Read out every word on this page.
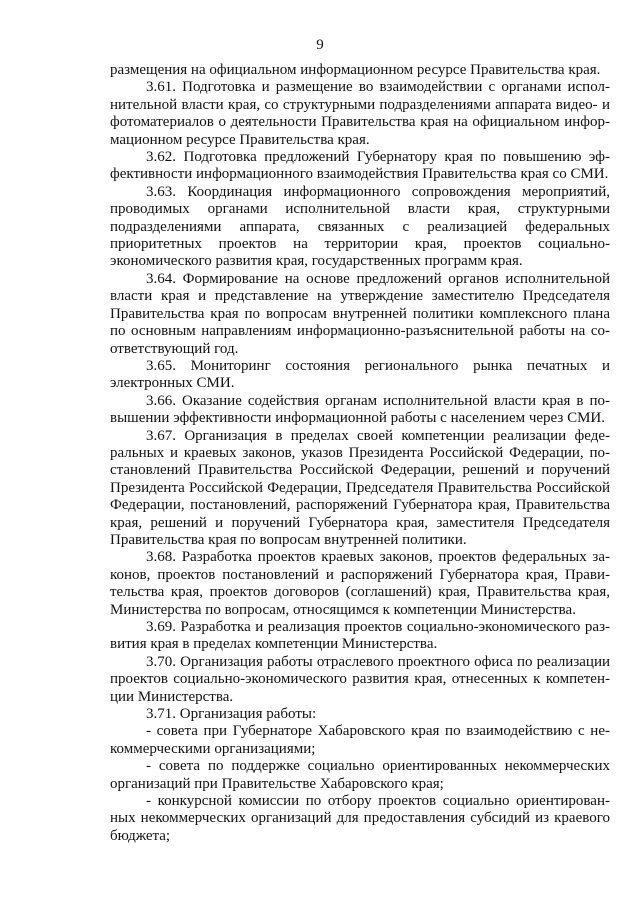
9

размещения на официальном информационном ресурсе Правительства края.

3.61. Подготовка и размещение во взаимодействии с органами исполнительной власти края, со структурными подразделениями аппарата видео- и фотоматериалов о деятельности Правительства края на официальном информационном ресурсе Правительства края.

3.62. Подготовка предложений Губернатору края по повышению эффективности информационного взаимодействия Правительства края со СМИ.

3.63. Координация информационного сопровождения мероприятий, проводимых органами исполнительной власти края, структурными подразделениями аппарата, связанных с реализацией федеральных приоритетных проектов на территории края, проектов социально-экономического развития края, государственных программ края.

3.64. Формирование на основе предложений органов исполнительной власти края и представление на утверждение заместителю Председателя Правительства края по вопросам внутренней политики комплексного плана по основным направлениям информационно-разъяснительной работы на соответствующий год.

3.65. Мониторинг состояния регионального рынка печатных и электронных СМИ.

3.66. Оказание содействия органам исполнительной власти края в повышении эффективности информационной работы с населением через СМИ.

3.67. Организация в пределах своей компетенции реализации федеральных и краевых законов, указов Президента Российской Федерации, постановлений Правительства Российской Федерации, решений и поручений Президента Российской Федерации, Председателя Правительства Российской Федерации, постановлений, распоряжений Губернатора края, Правительства края, решений и поручений Губернатора края, заместителя Председателя Правительства края по вопросам внутренней политики.

3.68. Разработка проектов краевых законов, проектов федеральных законов, проектов постановлений и распоряжений Губернатора края, Правительства края, проектов договоров (соглашений) края, Правительства края, Министерства по вопросам, относящимся к компетенции Министерства.

3.69. Разработка и реализация проектов социально-экономического развития края в пределах компетенции Министерства.

3.70. Организация работы отраслевого проектного офиса по реализации проектов социально-экономического развития края, отнесенных к компетенции Министерства.

3.71. Организация работы:

- совета при Губернаторе Хабаровского края по взаимодействию с некоммерческими организациями;

- совета по поддержке социально ориентированных некоммерческих организаций при Правительстве Хабаровского края;

- конкурсной комиссии по отбору проектов социально ориентированных некоммерческих организаций для предоставления субсидий из краевого бюджета;
